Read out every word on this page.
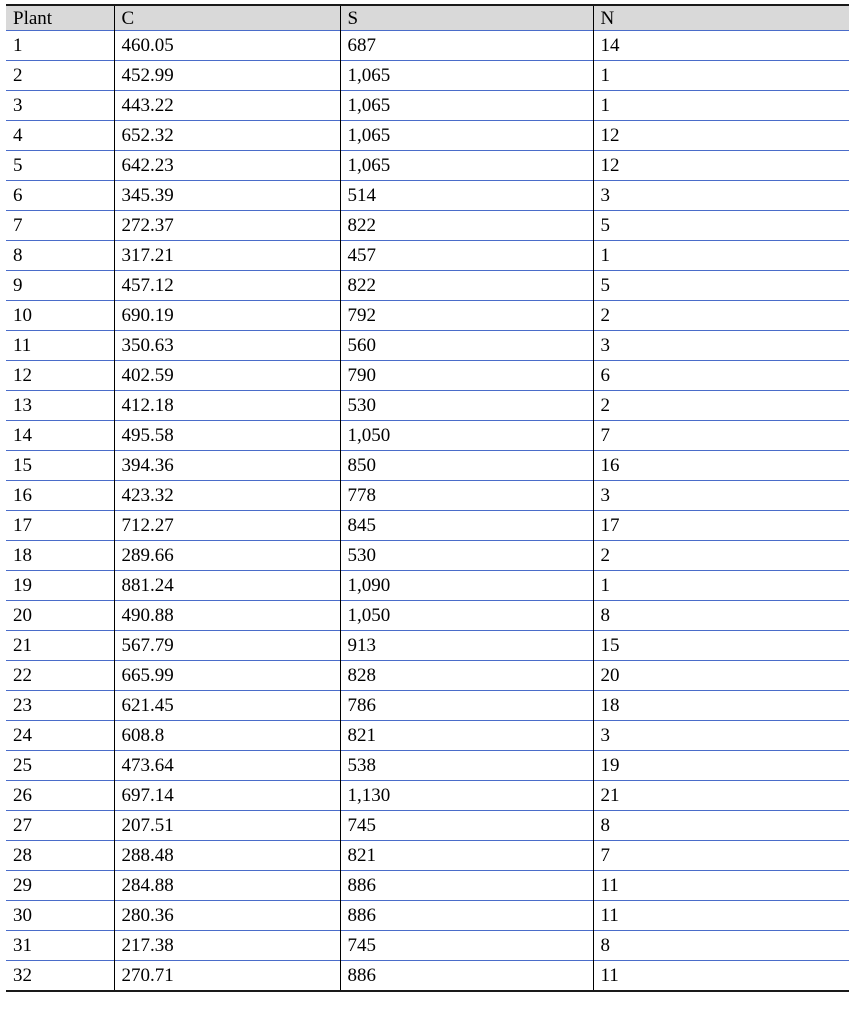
Plant	C	S	N
1	460.05	687	14
2	452.99	1,065	1
3	443.22	1,065	1
4	652.32	1,065	12
5	642.23	1,065	12
6	345.39	514	3
7	272.37	822	5
8	317.21	457	1
9	457.12	822	5
10	690.19	792	2
11	350.63	560	3
12	402.59	790	6
13	412.18	530	2
14	495.58	1,050	7
15	394.36	850	16
16	423.32	778	3
17	712.27	845	17
18	289.66	530	2
19	881.24	1,090	1
20	490.88	1,050	8
21	567.79	913	15
22	665.99	828	20
23	621.45	786	18
24	608.8	821	3
25	473.64	538	19
26	697.14	1,130	21
27	207.51	745	8
28	288.48	821	7
29	284.88	886	11
30	280.36	886	11
31	217.38	745	8
32	270.71	886	11
